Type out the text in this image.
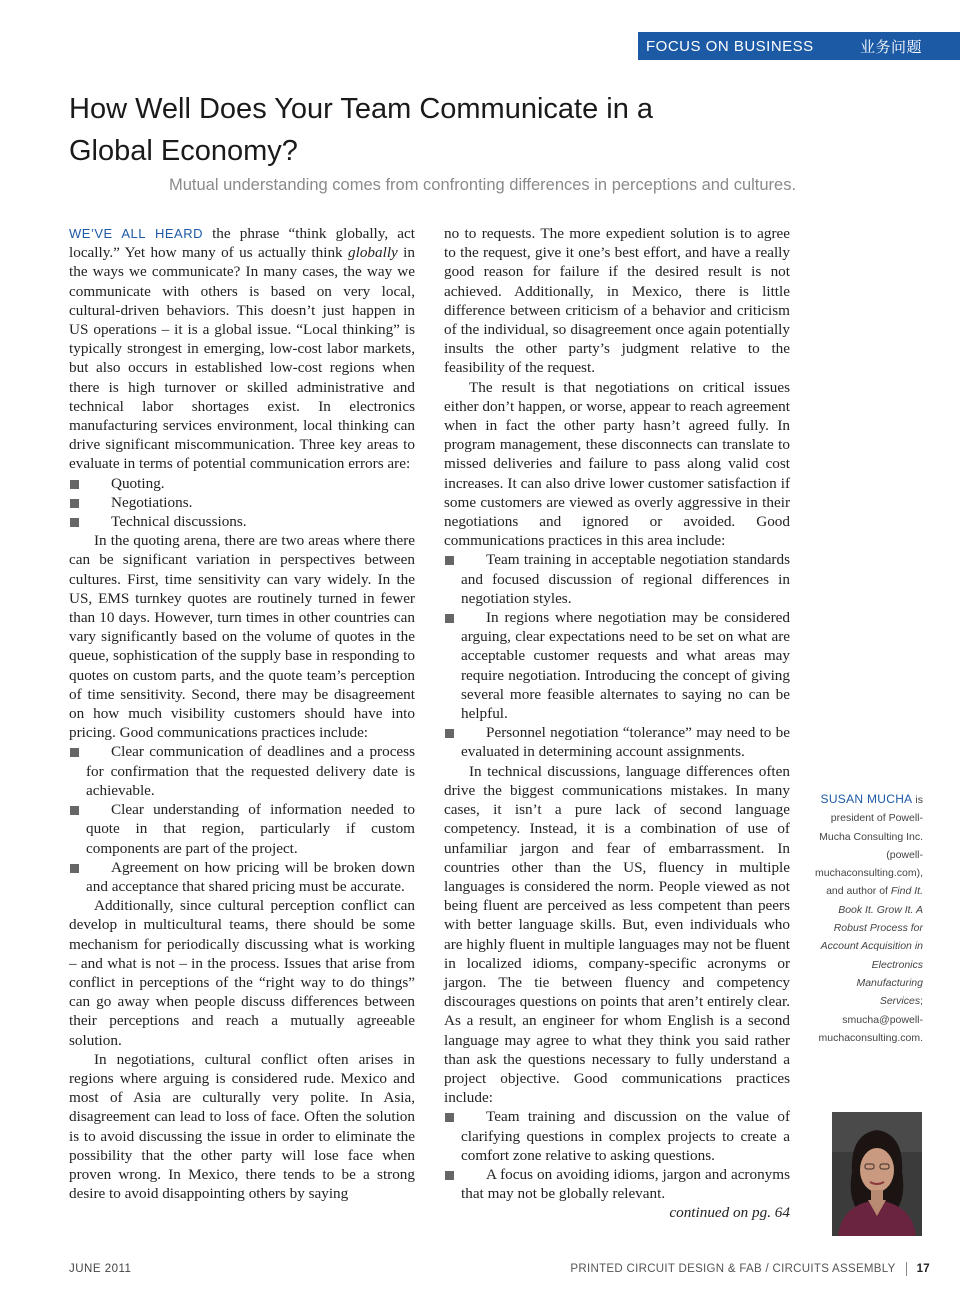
FOCUS ON BUSINESS	业务问题
How Well Does Your Team Communicate in a
Global Economy?
Mutual understanding comes from confronting differences in perceptions and cultures.

WE’VE ALL HEARD the phrase “think globally, act locally.” Yet how many of us actually think globally in the ways we communicate? In many cases, the way we communicate with others is based on very local, cultural-driven behaviors. This doesn’t just happen in US operations – it is a global issue. “Local thinking” is typically strongest in emerging, low-cost labor markets, but also occurs in established low-cost regions when there is high turnover or skilled administrative and technical labor shortages exist. In electronics manufacturing services environment, local thinking can drive significant miscommunication. Three key areas to evaluate in terms of potential communication errors are:

Quoting.

Negotiations.

Technical discussions.

In the quoting arena, there are two areas where there can be significant variation in perspectives between cultures. First, time sensitivity can vary widely. In the US, EMS turnkey quotes are routinely turned in fewer than 10 days. However, turn times in other countries can vary significantly based on the volume of quotes in the queue, sophistication of the supply base in responding to quotes on custom parts, and the quote team’s perception of time sensitivity. Second, there may be disagreement on how much visibility customers should have into pricing. Good communications practices include:

Clear communication of deadlines and a process for confirmation that the requested delivery date is achievable.

Clear understanding of information needed to quote in that region, particularly if custom components are part of the project.

Agreement on how pricing will be broken down and acceptance that shared pricing must be accurate.

Additionally, since cultural perception conflict can develop in multicultural teams, there should be some mechanism for periodically discussing what is working – and what is not – in the process. Issues that arise from conflict in perceptions of the “right way to do things” can go away when people discuss differences between their perceptions and reach a mutually agreeable solution.

In negotiations, cultural conflict often arises in regions where arguing is considered rude. Mexico and most of Asia are culturally very polite. In Asia, disagreement can lead to loss of face. Often the solution is to avoid discussing the issue in order to eliminate the possibility that the other party will lose face when proven wrong. In Mexico, there tends to be a strong desire to avoid disappointing others by saying

no to requests. The more expedient solution is to agree to the request, give it one’s best effort, and have a really good reason for failure if the desired result is not achieved. Additionally, in Mexico, there is little difference between criticism of a behavior and criticism of the individual, so disagreement once again potentially insults the other party’s judgment relative to the feasibility of the request.

The result is that negotiations on critical issues either don’t happen, or worse, appear to reach agreement when in fact the other party hasn’t agreed fully. In program management, these disconnects can translate to missed deliveries and failure to pass along valid cost increases. It can also drive lower customer satisfaction if some customers are viewed as overly aggressive in their negotiations and ignored or avoided. Good communications practices in this area include:

Team training in acceptable negotiation standards and focused discussion of regional differences in negotiation styles.

In regions where negotiation may be considered arguing, clear expectations need to be set on what are acceptable customer requests and what areas may require negotiation. Introducing the concept of giving several more feasible alternates to saying no can be helpful.

Personnel negotiation “tolerance” may need to be evaluated in determining account assignments.

In technical discussions, language differences often drive the biggest communications mistakes. In many cases, it isn’t a pure lack of second language competency. Instead, it is a combination of use of unfamiliar jargon and fear of embarrassment. In countries other than the US, fluency in multiple languages is considered the norm. People viewed as not being fluent are perceived as less competent than peers with better language skills. But, even individuals who are highly fluent in multiple languages may not be fluent in localized idioms, company-specific acronyms or jargon. The tie between fluency and competency discourages questions on points that aren’t entirely clear. As a result, an engineer for whom English is a second language may agree to what they think you said rather than ask the questions necessary to fully understand a project objective. Good communications practices include:

Team training and discussion on the value of clarifying questions in complex projects to create a comfort zone relative to asking questions.

A focus on avoiding idioms, jargon and acronyms that may not be globally relevant.

continued on pg. 64

SUSAN MUCHA is president of Powell-Mucha Consulting Inc. (powell-muchaconsulting.com), and author of Find It. Book It. Grow It. A Robust Process for Account Acquisition in Electronics Manufacturing Services; smucha@powell-muchaconsulting.com.
JUNE 2011	PRINTED CIRCUIT DESIGN & FAB / CIRCUITS ASSEMBLY 17
